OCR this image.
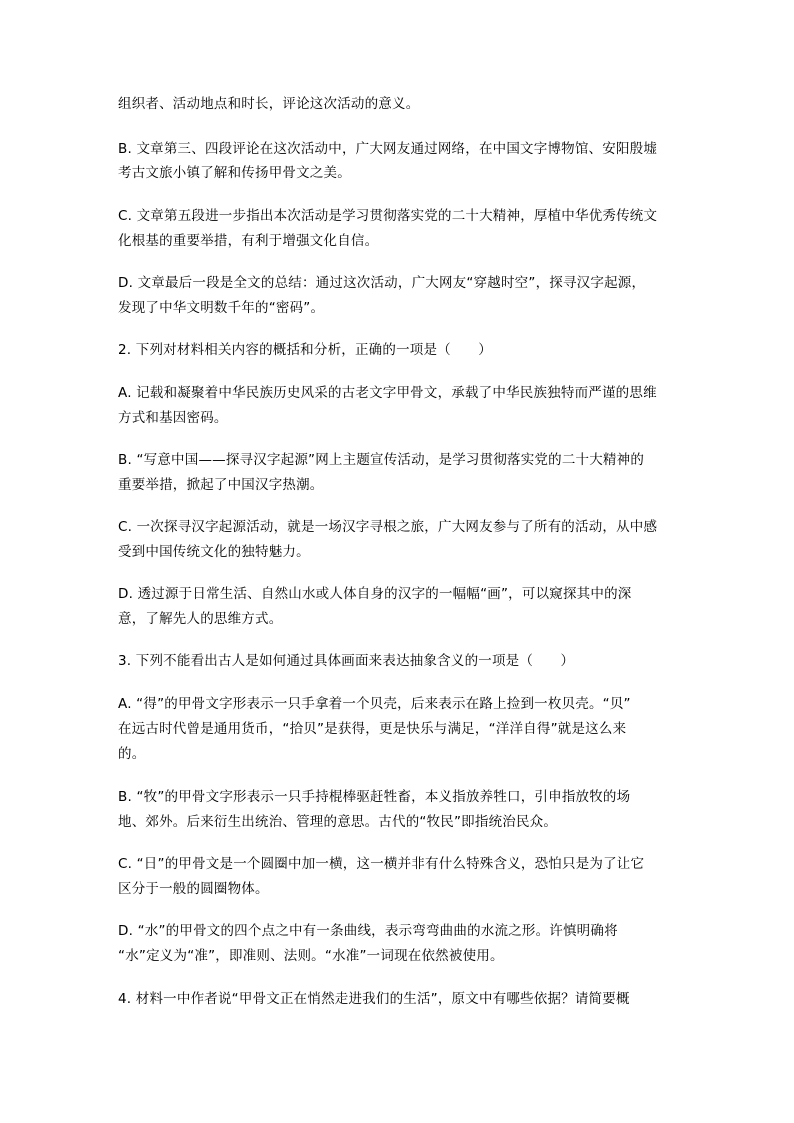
组织者、活动地点和时长，评论这次活动的意义。
B. 文章第三、四段评论在这次活动中，广大网友通过网络，在中国文字博物馆、安阳殷墟
考古文旅小镇了解和传扬甲骨文之美。
C. 文章第五段进一步指出本次活动是学习贯彻落实党的二十大精神，厚植中华优秀传统文
化根基的重要举措，有利于增强文化自信。
D. 文章最后一段是全文的总结：通过这次活动，广大网友“穿越时空”，探寻汉字起源，
发现了中华文明数千年的“密码”。
2. 下列对材料相关内容的概括和分析，正确的一项是（　　）
A. 记载和凝聚着中华民族历史风采的古老文字甲骨文，承载了中华民族独特而严谨的思维
方式和基因密码。
B. “写意中国——探寻汉字起源”网上主题宣传活动，是学习贯彻落实党的二十大精神的
重要举措，掀起了中国汉字热潮。
C. 一次探寻汉字起源活动，就是一场汉字寻根之旅，广大网友参与了所有的活动，从中感
受到中国传统文化的独特魅力。
D. 透过源于日常生活、自然山水或人体自身的汉字的一幅幅“画”，可以窥探其中的深
意，了解先人的思维方式。
3. 下列不能看出古人是如何通过具体画面来表达抽象含义的一项是（　　）
A. “得”的甲骨文字形表示一只手拿着一个贝壳，后来表示在路上捡到一枚贝壳。“贝”
在远古时代曾是通用货币，“拾贝”是获得，更是快乐与满足，“洋洋自得”就是这么来
的。
B. “牧”的甲骨文字形表示一只手持棍棒驱赶牲畜，本义指放养牲口，引申指放牧的场
地、郊外。后来衍生出统治、管理的意思。古代的“牧民”即指统治民众。
C. “日”的甲骨文是一个圆圈中加一横，这一横并非有什么特殊含义，恐怕只是为了让它
区分于一般的圆圈物体。
D. “水”的甲骨文的四个点之中有一条曲线，表示弯弯曲曲的水流之形。许慎明确将
“水”定义为“准”，即准则、法则。“水准”一词现在依然被使用。
4. 材料一中作者说“甲骨文正在悄然走进我们的生活”，原文中有哪些依据？请简要概
